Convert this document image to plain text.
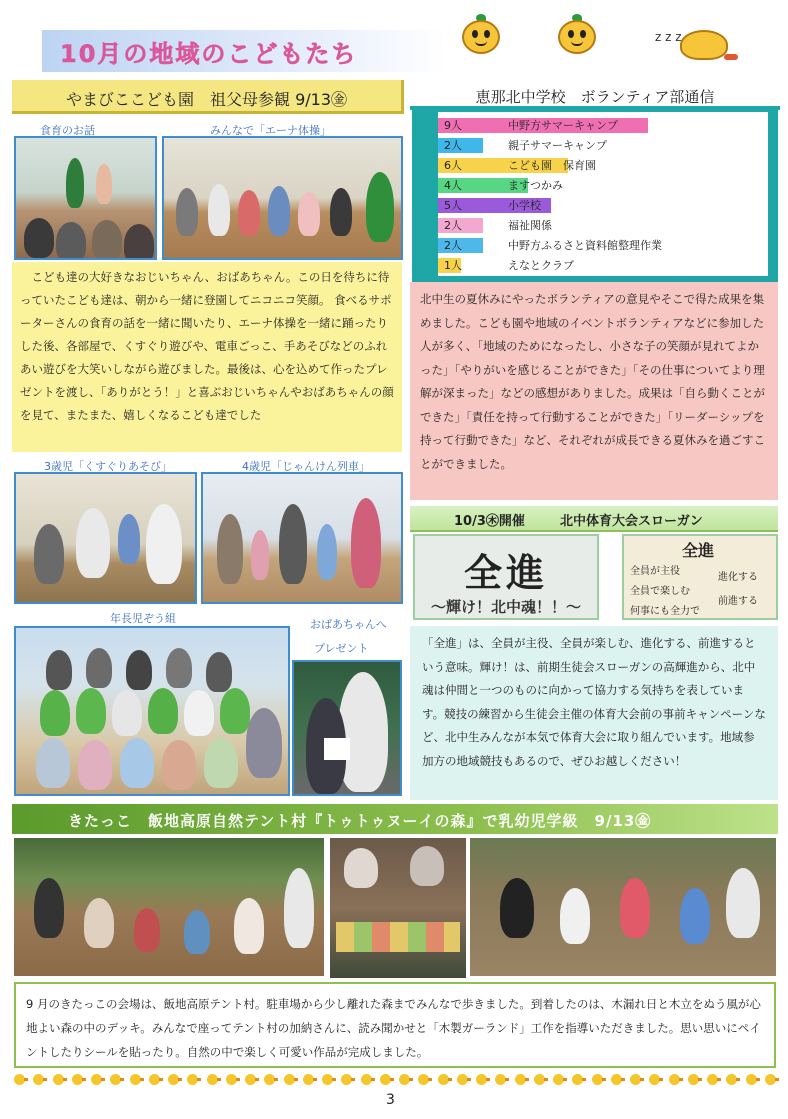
10月の地域のこどもたち
z z z
やまびここども園　祖父母参観 9/13㊎
食育のお話	みんなで「エーナ体操」

　こども達の大好きなおじいちゃん、おばあちゃん。この日を待ちに待っていたこども達は、朝から一緒に登園してニコニコ笑顔。 食べるサポーターさんの食育の話を一緒に聞いたり、エーナ体操を一緒に踊ったりした後、各部屋で、くすぐり遊びや、電車ごっこ、手あそびなどのふれあい遊びを大笑いしながら遊びました。最後は、心を込めて作ったプレゼントを渡し、「ありがとう！」と喜ぶおじいちゃんやおばあちゃんの顔を見て、またまた、嬉しくなるこども達でした

3歳児「くすぐりあそび」	4歳児「じゃんけん列車」
年長児ぞう組	おばあちゃんへ
プレゼント
恵那北中学校　ボランティア部通信
9人	中野方サマーキャンプ
2人	親子サマーキャンプ
6人	こども園　保育園
4人	ますつかみ
5人	小学校
2人	福祉関係
2人	中野方ふるさと資料館整理作業
1人	えなとクラブ

北中生の夏休みにやったボランティアの意見やそこで得た成果を集めました。こども園や地域のイベントボランティアなどに参加した人が多く、「地域のためになったし、小さな子の笑顔が見れてよかった」「やりがいを感じることができた」「その仕事についてより理解が深まった」などの感想がありました。成果は「自ら動くことができた」「責任を持って行動することができた」「リーダーシップを持って行動できた」など、それぞれが成長できる夏休みを過ごすことができました。

10/3㊍開催	北中体育大会スローガン
全進
～輝け！北中魂！！～
全進
全員が主役
全員で楽しむ
何事にも全力で
進化する
前進する

「全進」は、全員が主役、全員が楽しむ、進化する、前進するという意味。輝け！は、前期生徒会スローガンの高輝進から、北中魂は仲間と一つのものに向かって協力する気持ちを表しています。競技の練習から生徒会主催の体育大会前の事前キャンペーンなど、北中生みんなが本気で体育大会に取り組んでいます。地域参加方の地域競技もあるので、ぜひお越しください！

きたっこ　飯地高原自然テント村『トゥトゥヌーイの森』で乳幼児学級　9/13㊎

9 月のきたっこの会場は、飯地高原テント村。駐車場から少し離れた森までみんなで歩きました。到着したのは、木漏れ日と木立をぬう風が心地よい森の中のデッキ。みんなで座ってテント村の加納さんに、読み聞かせと「木製ガーランド」工作を指導いただきました。思い思いにペイントしたりシールを貼ったり。自然の中で楽しく可愛い作品が完成しました。

3
